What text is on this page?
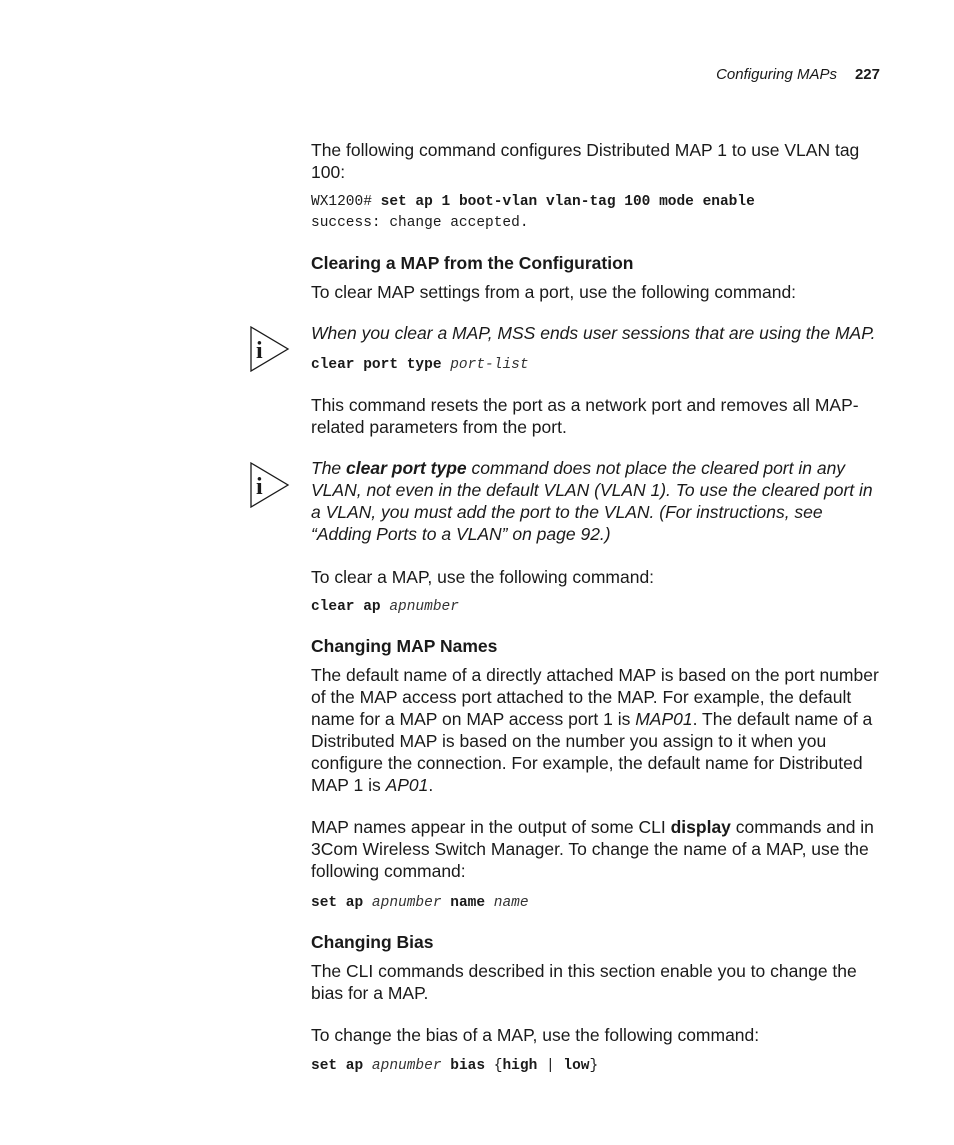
Configuring MAPs 227

The following command configures Distributed MAP 1 to use VLAN tag 100:

WX1200# set ap 1 boot-vlan vlan-tag 100 mode enable
success: change accepted.
Clearing a MAP from the Configuration

To clear MAP settings from a port, use the following command:

i

When you clear a MAP, MSS ends user sessions that are using the MAP.

clear port type port-list

This command resets the port as a network port and removes all MAP-related parameters from the port.

i

The clear port type command does not place the cleared port in any VLAN, not even in the default VLAN (VLAN 1). To use the cleared port in a VLAN, you must add the port to the VLAN. (For instructions, see “Adding Ports to a VLAN” on page 92.)

To clear a MAP, use the following command:

clear ap apnumber
Changing MAP Names

The default name of a directly attached MAP is based on the port number of the MAP access port attached to the MAP. For example, the default name for a MAP on MAP access port 1 is MAP01. The default name of a Distributed MAP is based on the number you assign to it when you configure the connection. For example, the default name for Distributed MAP 1 is AP01.

MAP names appear in the output of some CLI display commands and in 3Com Wireless Switch Manager. To change the name of a MAP, use the following command:

set ap apnumber name name
Changing Bias

The CLI commands described in this section enable you to change the bias for a MAP.

To change the bias of a MAP, use the following command:

set ap apnumber bias {high | low}
